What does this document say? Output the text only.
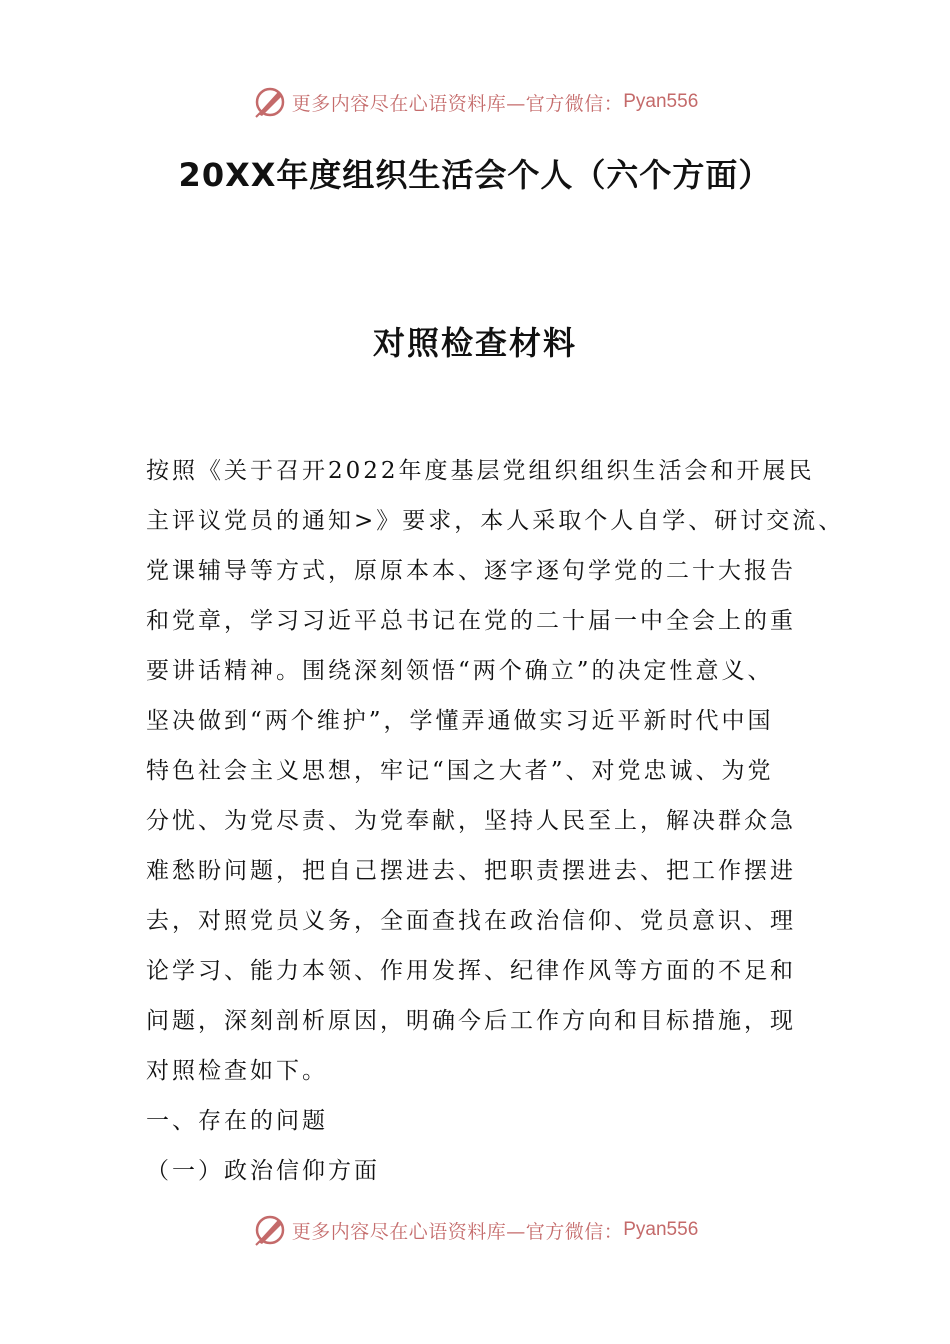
更多内容尽在心语资料库—官方微信： Pyan556
20XX年度组织生活会个人（六个方面）
对照检查材料
按照《关于召开2022年度基层党组织组织生活会和开展民
主评议党员的通知>》要求，本人采取个人自学、研讨交流、
党课辅导等方式，原原本本、逐字逐句学党的二十大报告
和党章，学习习近平总书记在党的二十届一中全会上的重
要讲话精神。围绕深刻领悟“两个确立”的决定性意义、
坚决做到“两个维护”，学懂弄通做实习近平新时代中国
特色社会主义思想，牢记“国之大者”、对党忠诚、为党
分忧、为党尽责、为党奉献，坚持人民至上，解决群众急
难愁盼问题，把自己摆进去、把职责摆进去、把工作摆进
去，对照党员义务，全面查找在政治信仰、党员意识、理
论学习、能力本领、作用发挥、纪律作风等方面的不足和
问题，深刻剖析原因，明确今后工作方向和目标措施，现
对照检查如下。
一、存在的问题
（一）政治信仰方面
更多内容尽在心语资料库—官方微信： Pyan556
